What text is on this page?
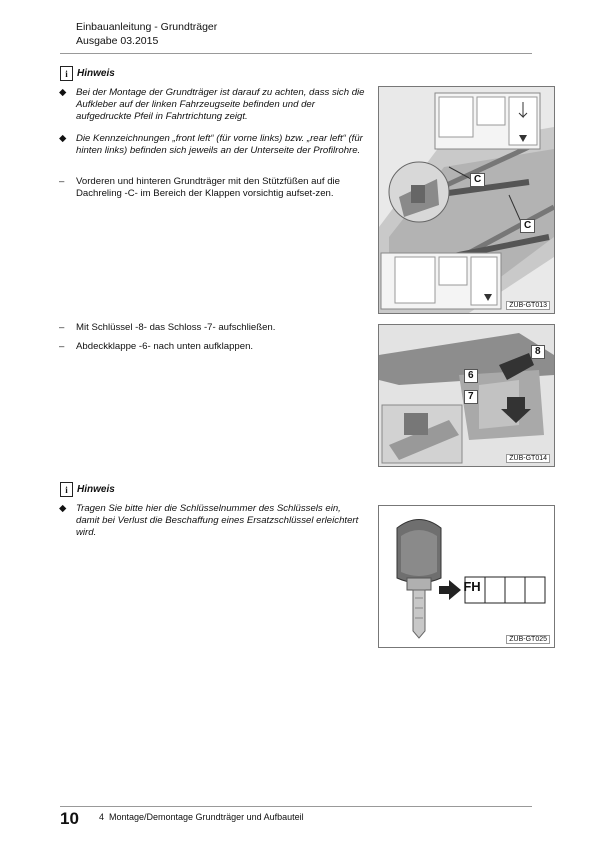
Einbauanleitung - Grundträger
Ausgabe 03.2015
i Hinweis
◆ Bei der Montage der Grundträger ist darauf zu achten, dass sich die Aufkleber auf der linken Fahrzeugseite befinden und der aufgedruckte Pfeil in Fahrtrichtung zeigt.
◆ Die Kennzeichnungen „front left“ (für vorne links) bzw. „rear left“ (für hinten links) befinden sich jeweils an der Unterseite der Profilrohre.
– Vorderen und hinteren Grundträger mit den Stützfüßen auf die Dachreling -C- im Bereich der Klappen vorsichtig aufset-zen.
C
C
ZUB-GT013
– Mit Schlüssel -8- das Schloss -7- aufschließen.
– Abdeckklappe -6- nach unten aufklappen.	8
6
7
ZUB-GT014
i Hinweis
◆ Tragen Sie bitte hier die Schlüsselnummer des Schlüssels ein, damit bei Verlust die Beschaffung eines Ersatzschlüssel erleichtert wird.
FH
ZUB-GT025
10 4  Montage/Demontage Grundträger und Aufbauteil
